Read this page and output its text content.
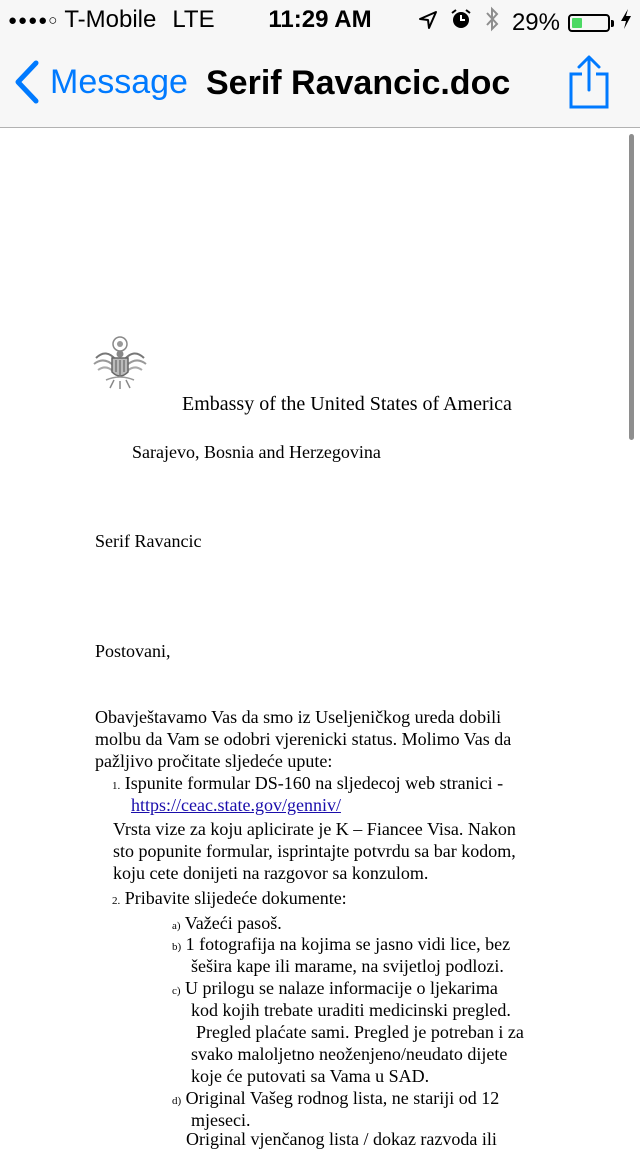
●●●●○ T-Mobile LTE	11:29 AM	29%
Message Serif Ravancic.doc
Embassy of the United States of America
Sarajevo, Bosnia and Herzegovina
Serif Ravancic
Postovani,
Obavještavamo Vas da smo iz Useljeničkog ureda dobili molbu da Vam se odobri vjerenicki status. Molimo Vas da pažljivo pročitate sljedeće upute:
1. Ispunite formular DS-160 na sljedecoj web stranici -
https://ceac.state.gov/genniv/
Vrsta vize za koju aplicirate je K – Fiancee Visa. Nakon
sto popunite formular, isprintajte potvrdu sa bar kodom,
koju cete donijeti na razgovor sa konzulom.
2. Pribavite slijedeće dokumente:
a) Važeći pasoš.
b) 1 fotografija na kojima se jasno vidi lice, bez
šešira kape ili marame, na svijetloj podlozi.
c) U prilogu se nalaze informacije o ljekarima
kod kojih trebate uraditi medicinski pregled.
Pregled plaćate sami. Pregled je potreban i za
svako maloljetno neoženjeno/neudato dijete
koje će putovati sa Vama u SAD.
d) Original Vašeg rodnog lista, ne stariji od 12
mjeseci.
Original vjenčanog lista / dokaz razvoda ili
